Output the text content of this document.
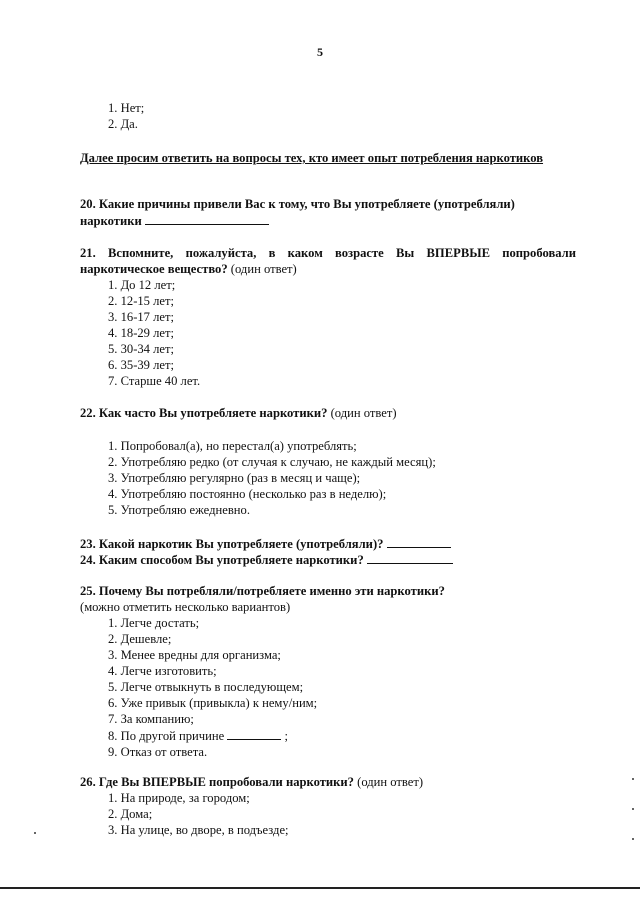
5
1. Нет;
2. Да.
Далее просим ответить на вопросы тех, кто имеет опыт потребления наркотиков
20. Какие причины привели Вас к тому, что Вы употребляете (употребляли)
наркотики
21. Вспомните, пожалуйста, в каком возрасте Вы ВПЕРВЫЕ попробовали наркотическое вещество? (один ответ)
1. До 12 лет;
2. 12-15 лет;
3. 16-17 лет;
4. 18-29 лет;
5. 30-34 лет;
6. 35-39 лет;
7. Старше 40 лет.
22. Как часто Вы употребляете наркотики? (один ответ)
1. Попробовал(а), но перестал(а) употреблять;
2. Употребляю редко (от случая к случаю, не каждый месяц);
3. Употребляю регулярно (раз в месяц и чаще);
4. Употребляю постоянно (несколько раз в неделю);
5. Употребляю ежедневно.
23. Какой наркотик Вы употребляете (употребляли)?
24. Каким способом Вы употребляете наркотики?
25. Почему Вы потребляли/потребляете именно эти наркотики?
(можно отметить несколько вариантов)
1. Легче достать;
2. Дешевле;
3. Менее вредны для организма;
4. Легче изготовить;
5. Легче отвыкнуть в последующем;
6. Уже привык (привыкла) к нему/ним;
7. За компанию;
8. По другой причине	;
9. Отказ от ответа.
26. Где Вы ВПЕРВЫЕ попробовали наркотики? (один ответ)
1. На природе, за городом;
2. Дома;
3. На улице, во дворе, в подъезде;
